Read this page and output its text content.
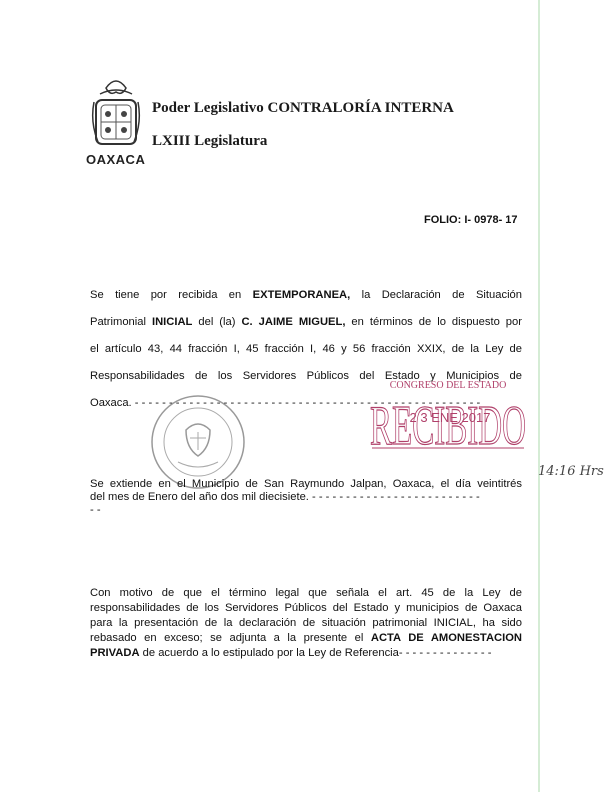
OAXACA
Poder Legislativo CONTRALORÍA INTERNA
LXIII Legislatura
FOLIO: I- 0978- 17
Se tiene por recibida en EXTEMPORANEA, la Declaración de Situación
Patrimonial INICIAL del (la) C. JAIME MIGUEL, en términos de lo dispuesto por
el artículo 43, 44 fracción I, 45 fracción I, 46 y 56 fracción XXIX, de la Ley de
Responsabilidades de los Servidores Públicos del Estado y Municipios de
Oaxaca. - - - - - - - - - - - - - - - - - - - - - - - - - - - - - - - - - - - - - - - - - - - - - - - - - - -
CONGRESO DEL ESTADO
RECIBIDO
2 3 ENE 2017
14:16 Hrs
Se extiende en el Municipio de San Raymundo Jalpan, Oaxaca, el día veintitrés
del mes de Enero del año dos mil diecisiete. - - - - - - - - - - - - - - - - - - - - - - - - -
- -
Con motivo de que el término legal que señala el art. 45 de la Ley de
responsabilidades de los Servidores Públicos del Estado y municipios de Oaxaca
para la presentación de la declaración de situación patrimonial INICIAL, ha sido
rebasado en exceso; se adjunta a la presente el ACTA DE AMONESTACION
PRIVADA de acuerdo a lo estipulado por la Ley de Referencia- - - - - - - - - - - - - -
